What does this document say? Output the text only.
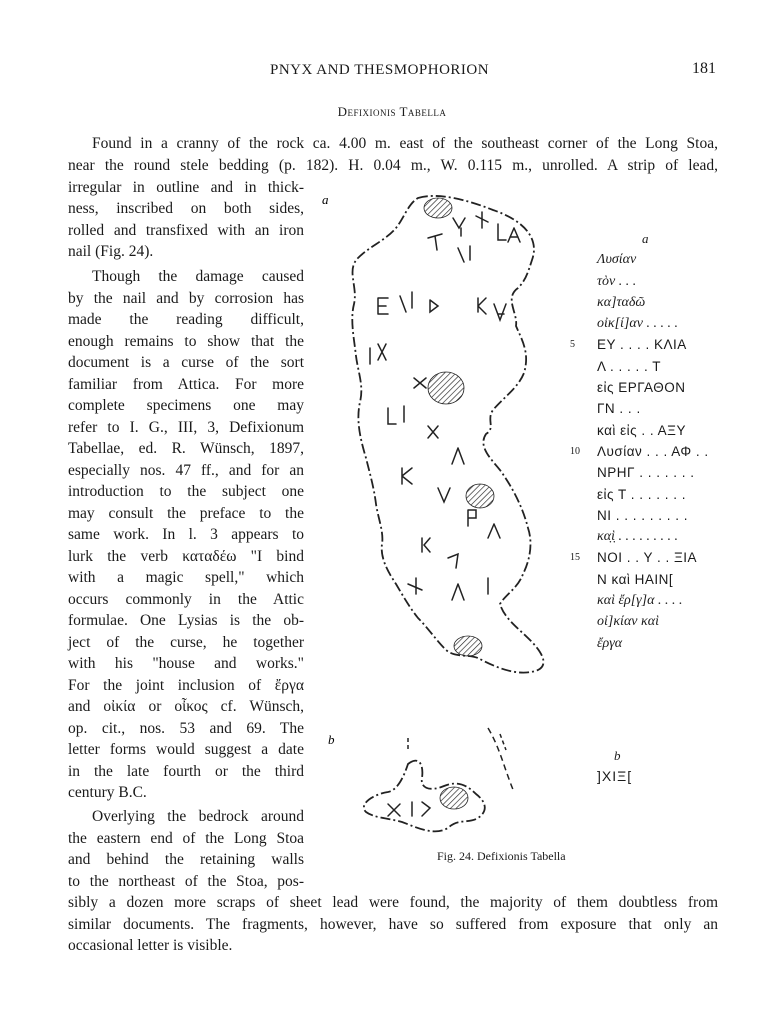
PNYX AND THESMOPHORION	181
Defixionis Tabella
Found in a cranny of the rock ca. 4.00 m. east of the southeast corner of the Long Stoa,
near the round stele bedding (p. 182). H. 0.04 m., W. 0.115 m., unrolled. A strip of lead,
irregular in outline and in thick-
ness, inscribed on both sides,
rolled and transfixed with an iron
nail (Fig. 24).
Though the damage caused
by the nail and by corrosion has
made the reading difficult,
enough remains to show that the
document is a curse of the sort
familiar from Attica. For more
complete specimens one may
refer to I. G., III, 3, Defixionum
Tabellae, ed. R. Wünsch, 1897,
especially nos. 47 ff., and for an
introduction to the subject one
may consult the preface to the
same work. In l. 3 appears to
lurk the verb καταδέω "I bind
with a magic spell," which
occurs commonly in the Attic
formulae. One Lysias is the ob-
ject of the curse, he together
with his "house and works."
For the joint inclusion of ἔργα
and οἰκία or οἶκος cf. Wünsch,
op. cit., nos. 53 and 69. The
letter forms would suggest a date
in the late fourth or the third
century B.C.
Overlying the bedrock around
the eastern end of the Long Stoa
and behind the retaining walls
to the northeast of the Stoa, pos-
sibly a dozen more scraps of sheet lead were found, the majority of them doubtless from
similar documents. The fragments, however, have so suffered from exposure that only an
occasional letter is visible.
a
b
a
Λυσίαν
τὸν . . .
κα]ταδῶ
οἰκ[ί]αν . . . . .
5	ΕΥ . . . . ΚΛΙΑ
Λ . . . . . Τ
εἰς ΕΡΓΑΘΟΝ
ΓΝ . . .
καὶ εἰς . . ΑΞΥ
10	Λυσίαν . . . ΑΦ . .
ΝΡΗΓ . . . . . . .
εἰς Τ . . . . . . .
ΝΙ . . . . . . . . .
κα̣ὶ̣ . . . . . . . . .
15	ΝΟΙ . . Υ . . ΞΙΑ
Ν καὶ ΗΑΙΝ[
καὶ ἔρ[γ]α . . . .
οἰ]κίαν καὶ
ἔργα
b
]ΧΙΞ[
Fig. 24. Defixionis Tabella
